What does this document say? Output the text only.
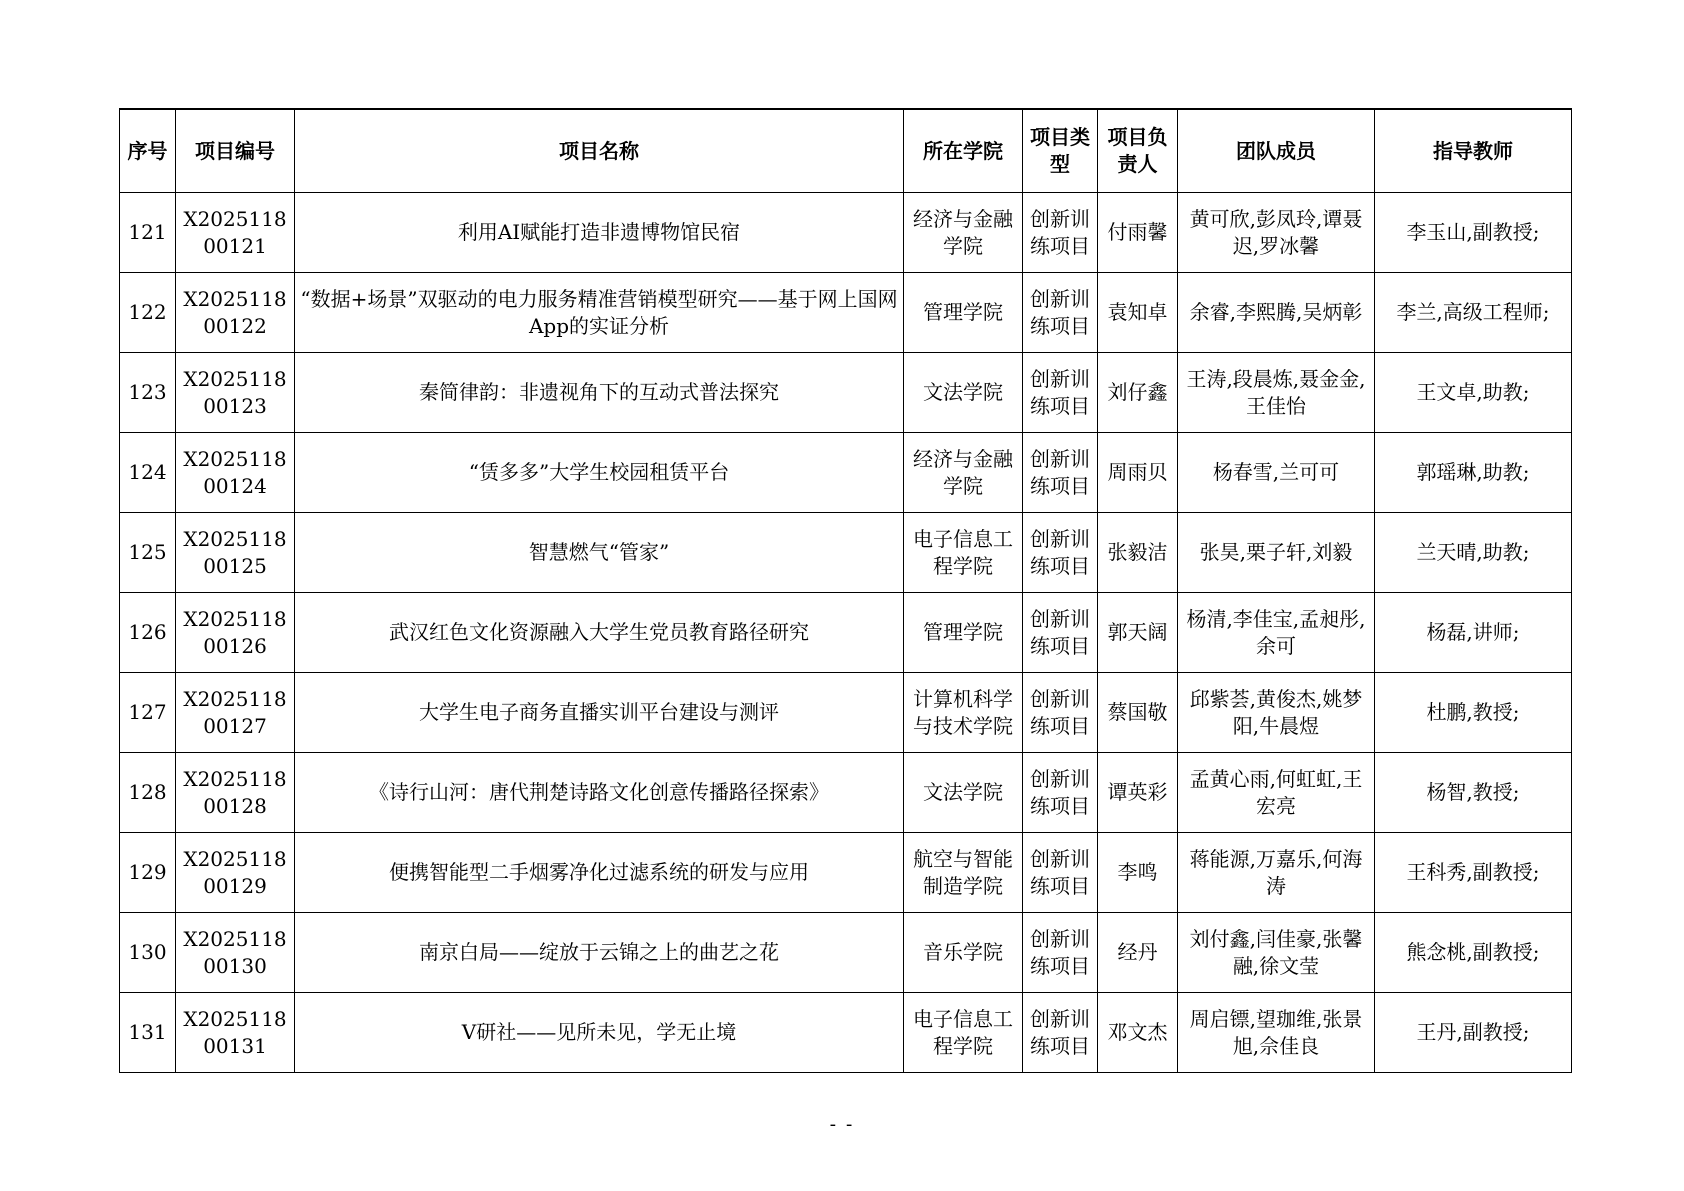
序号	项目编号	项目名称	所在学院	项目类型	项目负责人	团队成员	指导教师
121	X202511800121	利用AI赋能打造非遗博物馆民宿	经济与金融学院	创新训练项目	付雨馨	黄可欣,彭凤玲,谭聂迟,罗冰馨	李玉山,副教授;
122	X202511800122	“数据+场景”双驱动的电力服务精准营销模型研究——基于网上国网App的实证分析	管理学院	创新训练项目	袁知卓	余睿,李熙腾,吴炳彰	李兰,高级工程师;
123	X202511800123	秦简律韵：非遗视角下的互动式普法探究	文法学院	创新训练项目	刘仔鑫	王涛,段晨炼,聂金金,王佳怡	王文卓,助教;
124	X202511800124	“赁多多”大学生校园租赁平台	经济与金融学院	创新训练项目	周雨贝	杨春雪,兰可可	郭瑶琳,助教;
125	X202511800125	智慧燃气“管家”	电子信息工程学院	创新训练项目	张毅洁	张昊,栗子轩,刘毅	兰天晴,助教;
126	X202511800126	武汉红色文化资源融入大学生党员教育路径研究	管理学院	创新训练项目	郭天阔	杨清,李佳宝,孟昶彤,余可	杨磊,讲师;
127	X202511800127	大学生电子商务直播实训平台建设与测评	计算机科学与技术学院	创新训练项目	蔡国敬	邱紫荟,黄俊杰,姚梦阳,牛晨煜	杜鹏,教授;
128	X202511800128	《诗行山河：唐代荆楚诗路文化创意传播路径探索》	文法学院	创新训练项目	谭英彩	孟黄心雨,何虹虹,王宏亮	杨智,教授;
129	X202511800129	便携智能型二手烟雾净化过滤系统的研发与应用	航空与智能制造学院	创新训练项目	李鸣	蒋能源,万嘉乐,何海涛	王科秀,副教授;
130	X202511800130	南京白局——绽放于云锦之上的曲艺之花	音乐学院	创新训练项目	经丹	刘付鑫,闫佳豪,张馨融,徐文莹	熊念桃,副教授;
131	X202511800131	V研社——见所未见，学无止境	电子信息工程学院	创新训练项目	邓文杰	周启镖,望珈维,张景旭,佘佳良	王丹,副教授;
- -
